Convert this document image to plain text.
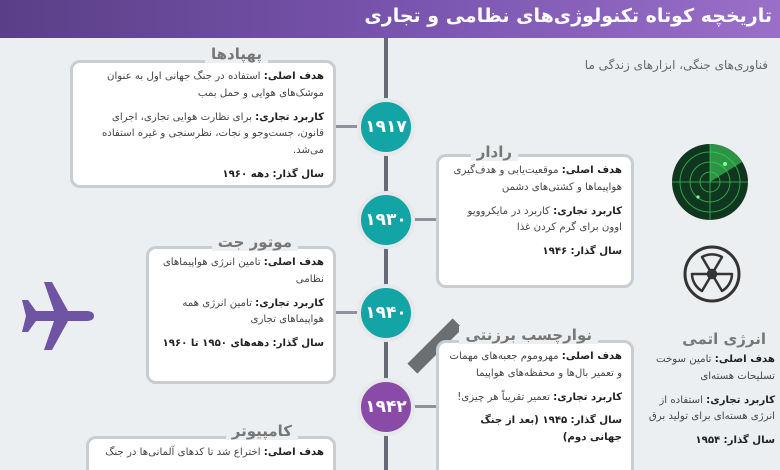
تاریخچه کوتاه تکنولوژی‌های نظامی و تجاری
فناوری‌های جنگی، ابزارهای زندگی ما
۱۹۱۷
۱۹۳۰
۱۹۴۰
۱۹۴۲

هدف اصلی: استفاده در جنگ جهانی اول به عنوان موشک‌های هوایی و حمل بمب

کاربرد تجاری: برای نظارت هوایی تجاری، اجرای قانون، جست‌وجو و نجات، نظرسنجی و غیره استفاده می‌شد.

سال گذار: دهه ۱۹۶۰

پهپادها

هدف اصلی: موقعیت‌یابی و هدف‌گیری هواپیماها و کشتی‌های دشمن

کاربرد تجاری: کاربرد در مایکروویو اوون برای گرم کردن غذا

سال گذار: ۱۹۴۶

رادار

هدف اصلی: تامین انرژی هواپیماهای نظامی

کاربرد تجاری: تامین انرژی همه هواپیماهای تجاری

سال گذار: دهه‌های ۱۹۵۰ تا ۱۹۶۰

موتور جت

هدف اصلی: مهروموم جعبه‌های مهمات و تعمیر بال‌ها و محفظه‌های هواپیما

کاربرد تجاری: تعمیر تقریباً هر چیزی!

سال گذار: ۱۹۴۵ (بعد از جنگ جهانی دوم)

نوارچسب برزنتی	انرژی اتمی

هدف اصلی: تامین سوخت تسلیحات هسته‌ای

کاربرد تجاری: استفاده از انرژی هسته‌ای برای تولید برق

سال گذار: ۱۹۵۴

هدف اصلی: اختراع شد تا کدهای آلمانی‌ها در جنگ

کامپیوتر
